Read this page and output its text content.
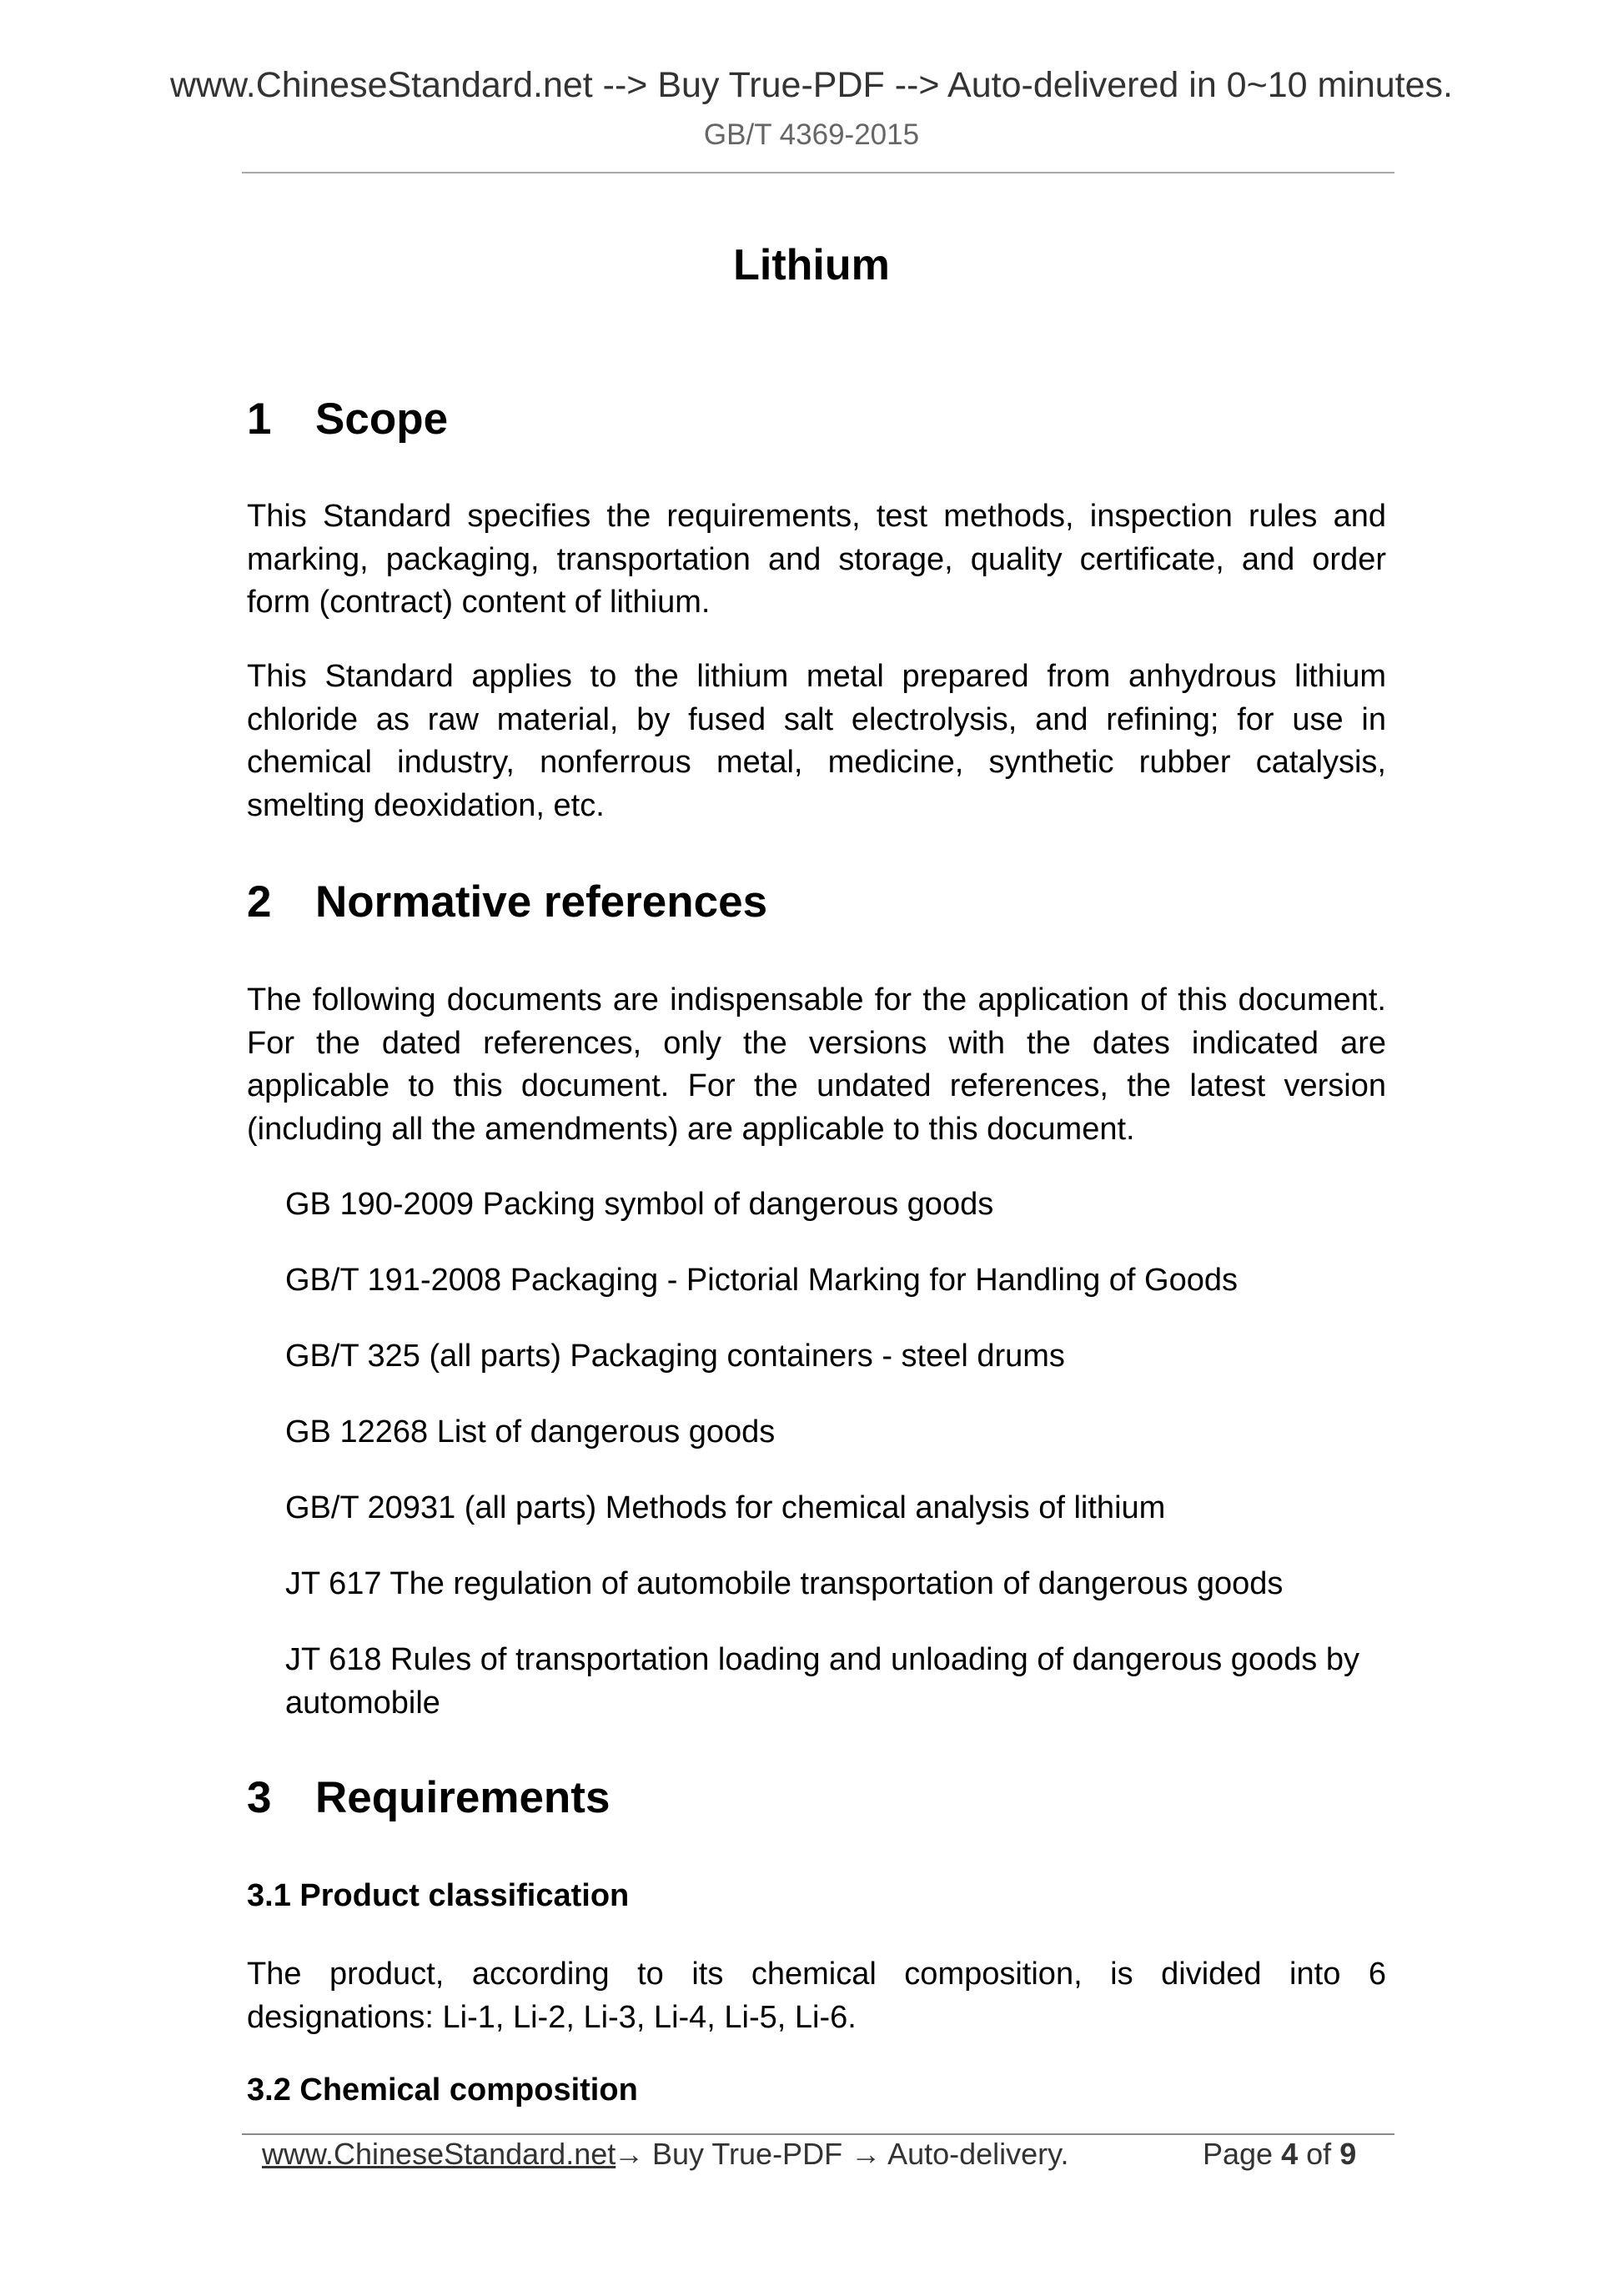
www.ChineseStandard.net --> Buy True-PDF --> Auto-delivered in 0~10 minutes.
GB/T 4369-2015
Lithium
1 Scope

This Standard specifies the requirements, test methods, inspection rules and marking, packaging, transportation and storage, quality certificate, and order form (contract) content of lithium.

This Standard applies to the lithium metal prepared from anhydrous lithium chloride as raw material, by fused salt electrolysis, and refining; for use in chemical industry, nonferrous metal, medicine, synthetic rubber catalysis, smelting deoxidation, etc.

2 Normative references

The following documents are indispensable for the application of this document. For the dated references, only the versions with the dates indicated are applicable to this document. For the undated references, the latest version (including all the amendments) are applicable to this document.

GB 190-2009 Packing symbol of dangerous goods

GB/T 191-2008 Packaging - Pictorial Marking for Handling of Goods

GB/T 325 (all parts) Packaging containers - steel drums

GB 12268 List of dangerous goods

GB/T 20931 (all parts) Methods for chemical analysis of lithium

JT 617 The regulation of automobile transportation of dangerous goods

JT 618 Rules of transportation loading and unloading of dangerous goods by automobile

3 Requirements
3.1 Product classification

The product, according to its chemical composition, is divided into 6 designations: Li-1, Li-2, Li-3, Li-4, Li-5, Li-6.

3.2 Chemical composition
www.ChineseStandard.net
→ Buy True-PDF → Auto-delivery.	Page 4 of 9
